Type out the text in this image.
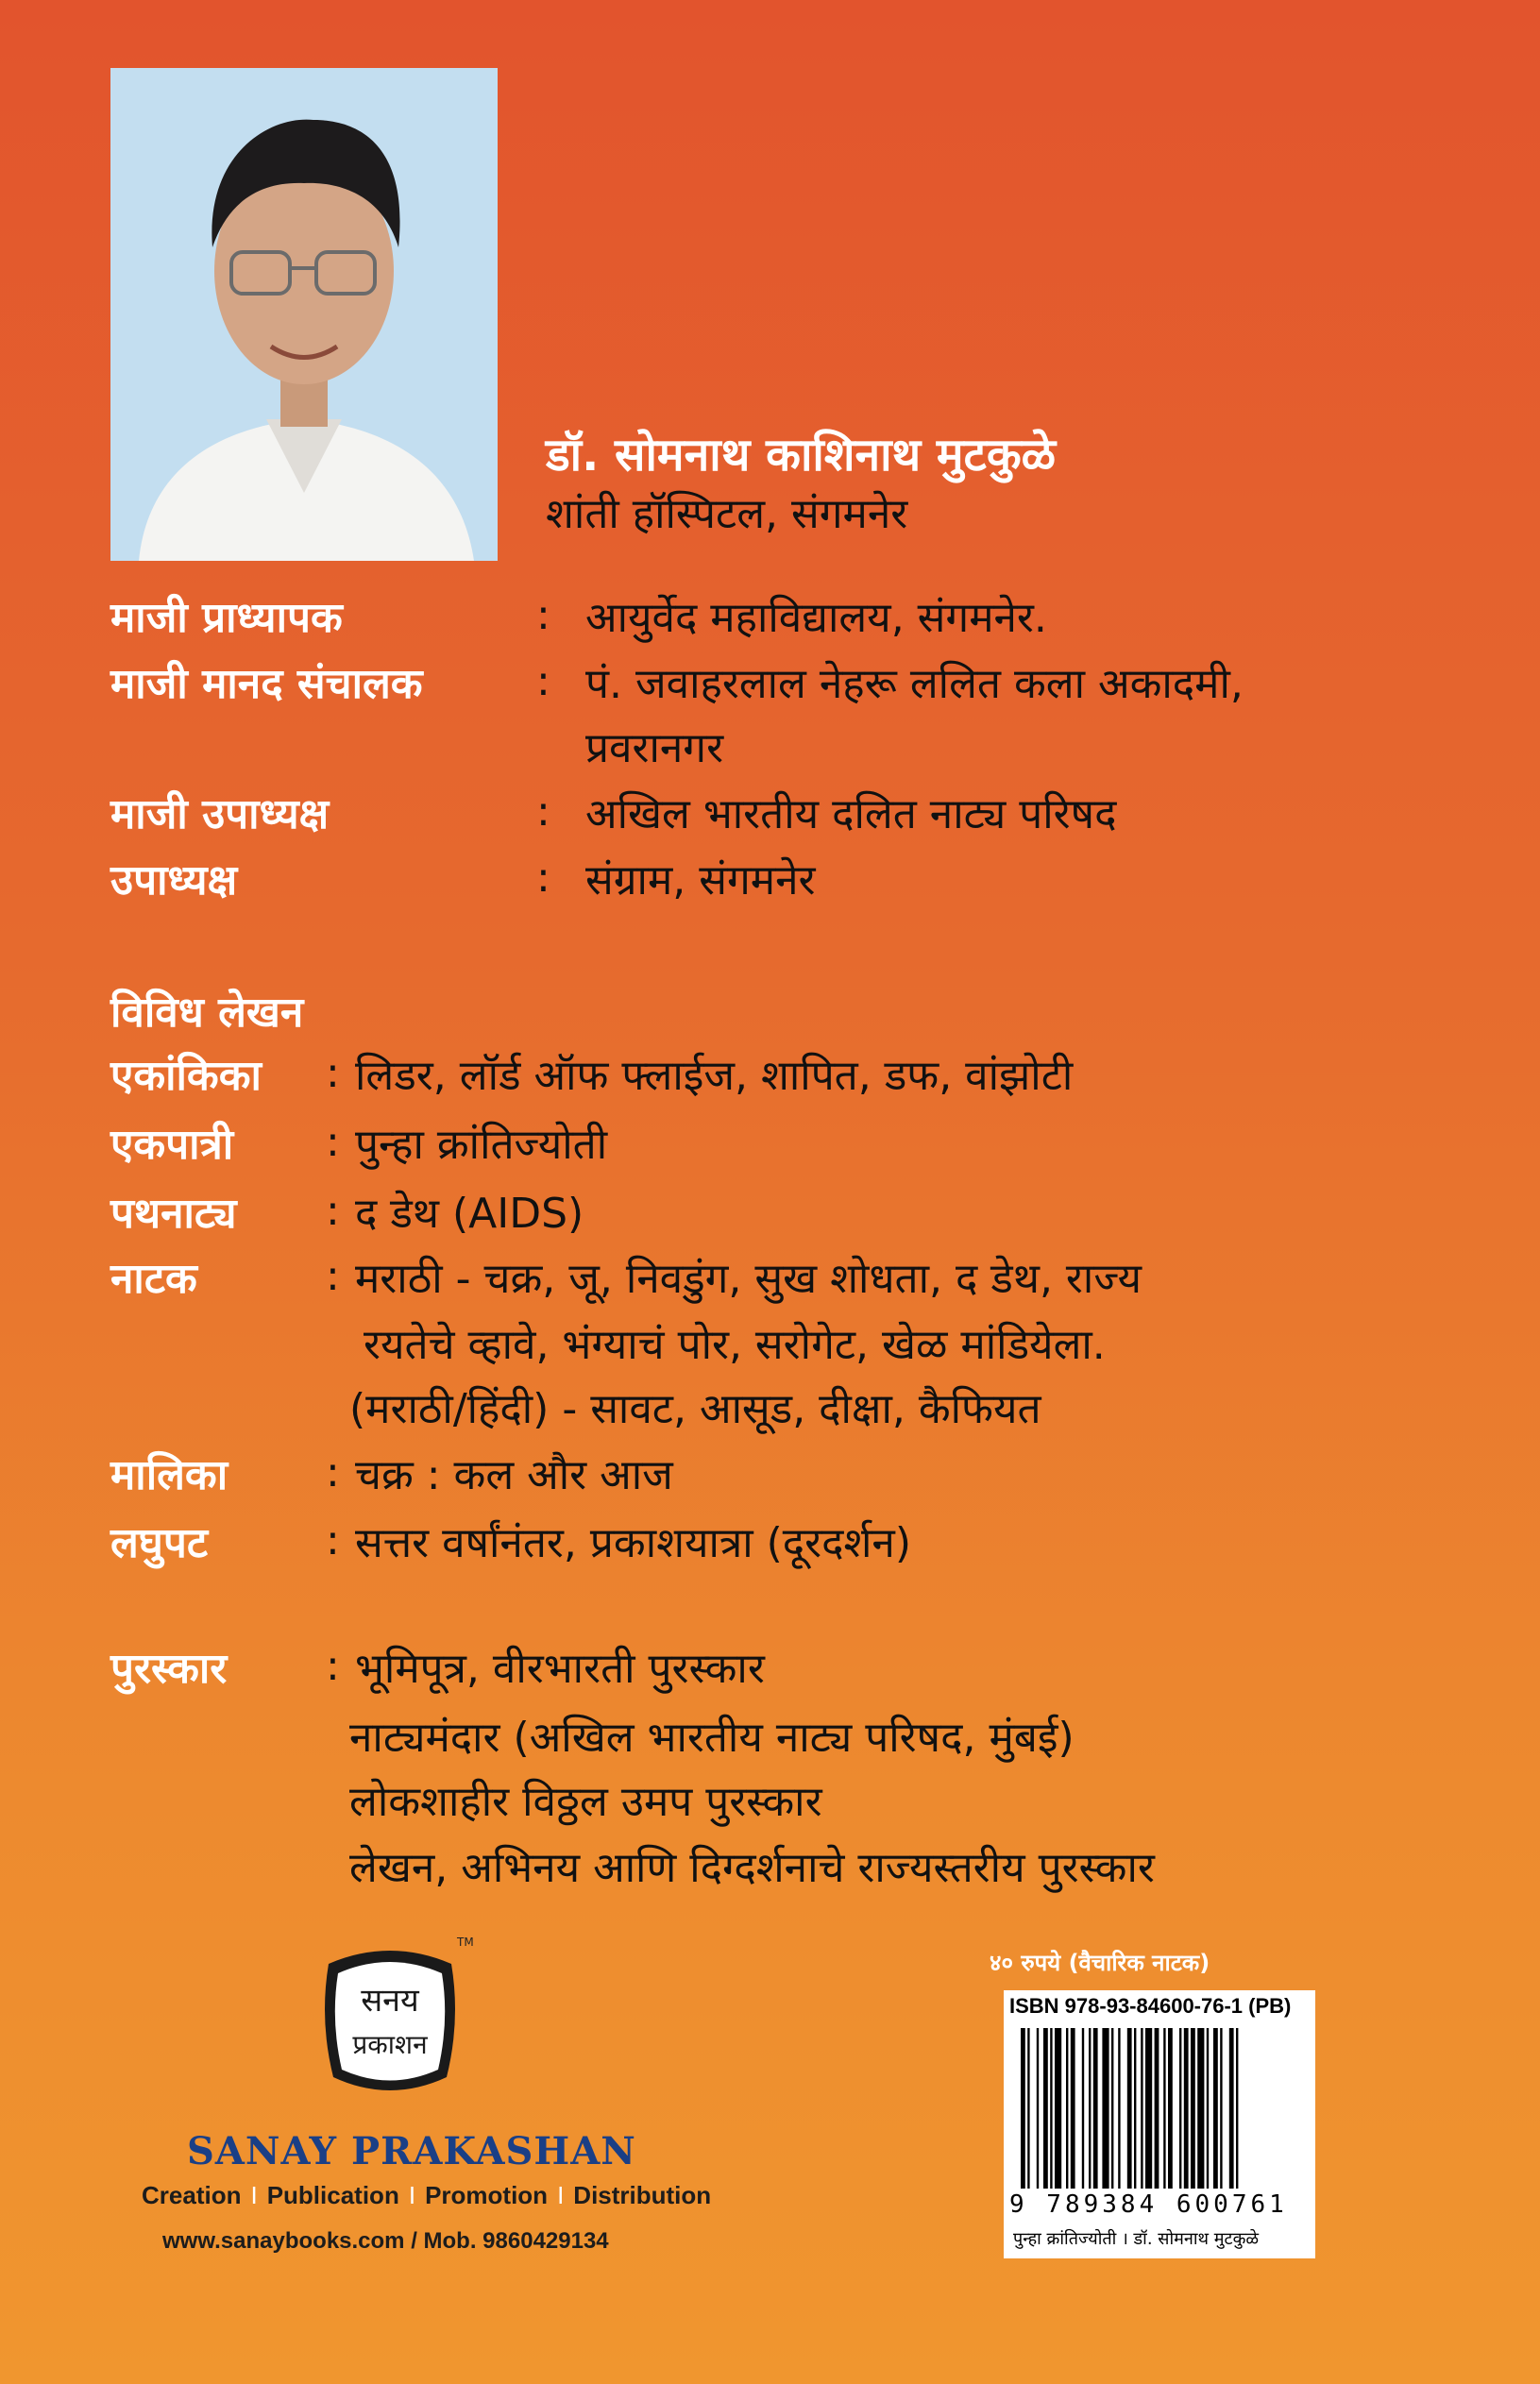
डॉ. सोमनाथ काशिनाथ मुटकुळे
शांती हॉस्पिटल, संगमनेर
माजी प्राध्यापक	: आयुर्वेद महाविद्यालय, संगमनेर.
माजी मानद संचालक	: पं. जवाहरलाल नेहरू ललित कला अकादमी,
प्रवरानगर
माजी उपाध्यक्ष	: अखिल भारतीय दलित नाट्य परिषद
उपाध्यक्ष	: संग्राम, संगमनेर
विविध लेखन
एकांकिका : लिडर, लॉर्ड ऑफ फ्लाईज, शापित, डफ, वांझोटी
एकपात्री : पुन्हा क्रांतिज्योती
पथनाट्य : द डेथ (AIDS)
नाटक	: मराठी - चक्र, जू, निवडुंग, सुख शोधता, द डेथ, राज्य
रयतेचे व्हावे, भंग्याचं पोर, सरोगेट, खेळ मांडियेला.
(मराठी/हिंदी) - सावट, आसूड, दीक्षा, कैफियत
मालिका : चक्र : कल और आज
लघुपट	: सत्तर वर्षांनंतर, प्रकाशयात्रा (दूरदर्शन)
पुरस्कार : भूमिपूत्र, वीरभारती पुरस्कार
नाट्यमंदार (अखिल भारतीय नाट्य परिषद, मुंबई)
लोकशाहीर विठ्ठल उमप पुरस्कार
लेखन, अभिनय आणि दिग्दर्शनाचे राज्यस्तरीय पुरस्कार
सनय
प्रकाशन
TM
SANAY PRAKASHAN
Creation I Publication I Promotion I Distribution
www.sanaybooks.com / Mob. 9860429134
४० रुपये (वैचारिक नाटक)
ISBN 978-93-84600-76-1 (PB)
9 789384 600761
पुन्हा क्रांतिज्योती । डॉ. सोमनाथ मुटकुळे
